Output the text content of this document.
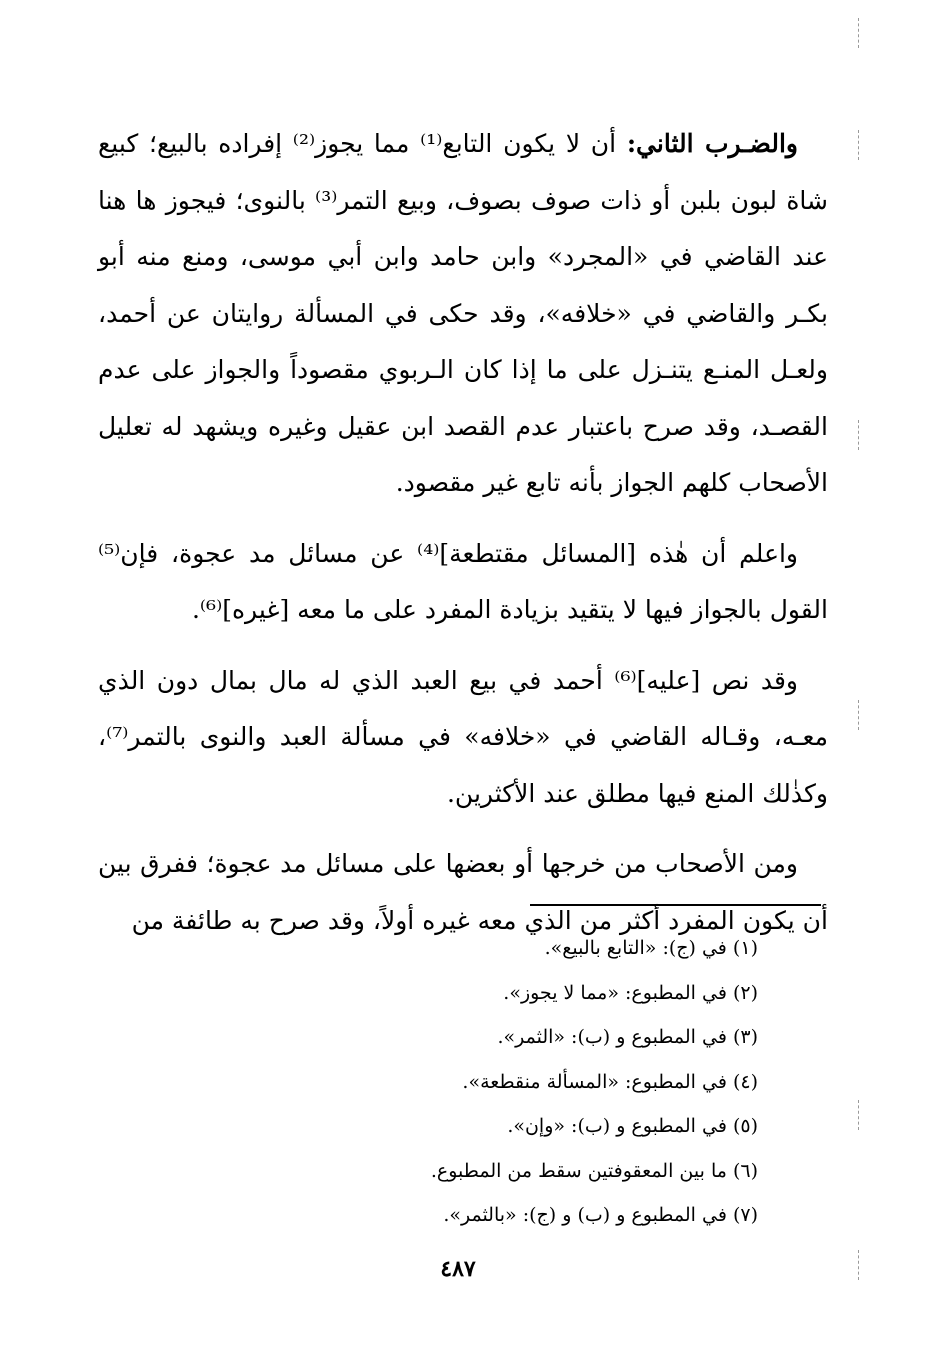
والضـرب الثاني: أن لا يكون التابع⁽¹⁾ مما يجوز⁽²⁾ إفراده بالبيع؛ كبيع شاة لبون بلبن أو ذات صوف بصوف، وبيع التمر⁽³⁾ بالنوى؛ فيجوز ها هنا عند القاضي في «المجرد» وابن حامد وابن أبي موسى، ومنع منه أبو بكـر والقاضي في «خلافه»، وقد حكى في المسألة روايتان عن أحمد، ولعـل المنـع يتنـزل على ما إذا كان الـربوي مقصوداً والجواز على عدم القصـد، وقد صرح باعتبار عدم القصد ابن عقيل وغيره ويشهد له تعليل الأصحاب كلهم الجواز بأنه تابع غير مقصود.

واعلم أن هٰذه [المسائل مقتطعة]⁽⁴⁾ عن مسائل مد عجوة، فإن⁽⁵⁾ القول بالجواز فيها لا يتقيد بزيادة المفرد على ما معه [غيره]⁽⁶⁾.

وقد نص [عليه]⁽⁶⁾ أحمد في بيع العبد الذي له مال بمال دون الذي معـه، وقـاله القاضي في «خلافه» في مسألة العبد والنوى بالتمر⁽⁷⁾، وكذٰلك المنع فيها مطلق عند الأكثرين.

ومن الأصحاب من خرجها أو بعضها على مسائل مد عجوة؛ ففرق بين أن يكون المفرد أكثر من الذي معه غيره أولاً، وقد صرح به طائفة من

(١) في (ج): «التابع بالبيع».
(٢) في المطبوع: «مما لا يجوز».
(٣) في المطبوع و (ب): «الثمر».
(٤) في المطبوع: «المسألة منقطعة».
(٥) في المطبوع و (ب): «وإن».
(٦) ما بين المعقوفتين سقط من المطبوع.
(٧) في المطبوع و (ب) و (ج): «بالثمر».
٤٨٧
